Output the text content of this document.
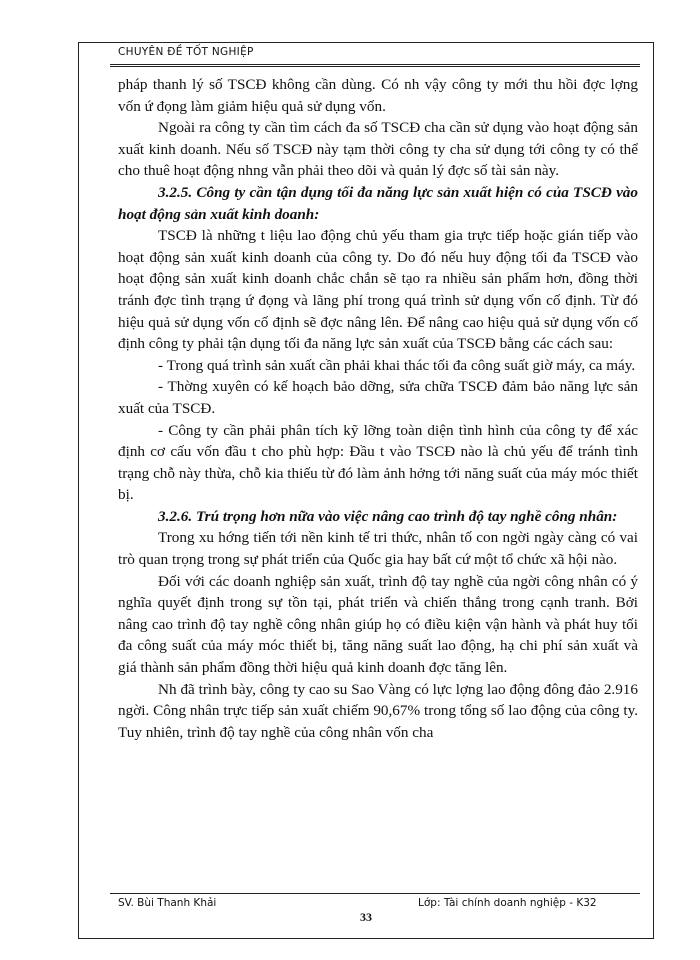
CHUYÊN ĐỀ TỐT NGHIỆP

pháp thanh lý số TSCĐ không cần dùng. Có nh vậy công ty mới thu hồi đợc lợng vốn ứ đọng làm giảm hiệu quả sử dụng vốn.

Ngoài ra công ty cần tìm cách đa số TSCĐ cha cần sử dụng vào hoạt động sản xuất kinh doanh. Nếu số TSCĐ này tạm thời công ty cha sử dụng tới công ty có thể cho thuê hoạt động nhng vẫn phải theo dõi và quản lý đợc số tài sản này.

3.2.5. Công ty cần tận dụng tối đa năng lực sản xuất hiện có của TSCĐ vào hoạt động sản xuất kinh doanh:

TSCĐ là những t liệu lao động chủ yếu tham gia trực tiếp hoặc gián tiếp vào hoạt động sản xuất kinh doanh của công ty. Do đó nếu huy động tối đa TSCĐ vào hoạt động sản xuất kinh doanh chắc chắn sẽ tạo ra nhiều sản phẩm hơn, đồng thời tránh đợc tình trạng ứ đọng và lãng phí trong quá trình sử dụng vốn cố định. Từ đó hiệu quả sử dụng vốn cố định sẽ đợc nâng lên. Để nâng cao hiệu quả sử dụng vốn cố định công ty phải tận dụng tối đa năng lực sản xuất của TSCĐ bằng các cách sau:

- Trong quá trình sản xuất cần phải khai thác tối đa công suất giờ máy, ca máy.

- Thờng xuyên có kế hoạch bảo dỡng, sửa chữa TSCĐ đảm bảo năng lực sản xuất của TSCĐ.

- Công ty cần phải phân tích kỹ lỡng toàn diện tình hình của công ty để xác định cơ cấu vốn đầu t cho phù hợp: Đầu t vào TSCĐ nào là chủ yếu để tránh tình trạng chỗ này thừa, chỗ kia thiếu từ đó làm ảnh hởng tới năng suất của máy móc thiết bị.

3.2.6. Trú trọng hơn nữa vào việc nâng cao trình độ tay nghề công nhân:

Trong xu hớng tiến tới nền kinh tế tri thức, nhân tố con ngời ngày càng có vai trò quan trọng trong sự phát triển của Quốc gia hay bất cứ một tổ chức xã hội nào.

Đối với các doanh nghiệp sản xuất, trình độ tay nghề của ngời công nhân có ý nghĩa quyết định trong sự tồn tại, phát triển và chiến thắng trong cạnh tranh. Bởi nâng cao trình độ tay nghề công nhân giúp họ có điều kiện vận hành và phát huy tối đa công suất của máy móc thiết bị, tăng năng suất lao động, hạ chi phí sản xuất và giá thành sản phẩm đồng thời hiệu quả kinh doanh đợc tăng lên.

Nh đã trình bày, công ty cao su Sao Vàng có lực lợng lao động đông đảo 2.916 ngời. Công nhân trực tiếp sản xuất chiếm 90,67% trong tổng số lao động của công ty. Tuy nhiên, trình độ tay nghề của công nhân vốn cha

SV. Bùi Thanh Khải	Lớp: Tài chính doanh nghiệp - K32
33
